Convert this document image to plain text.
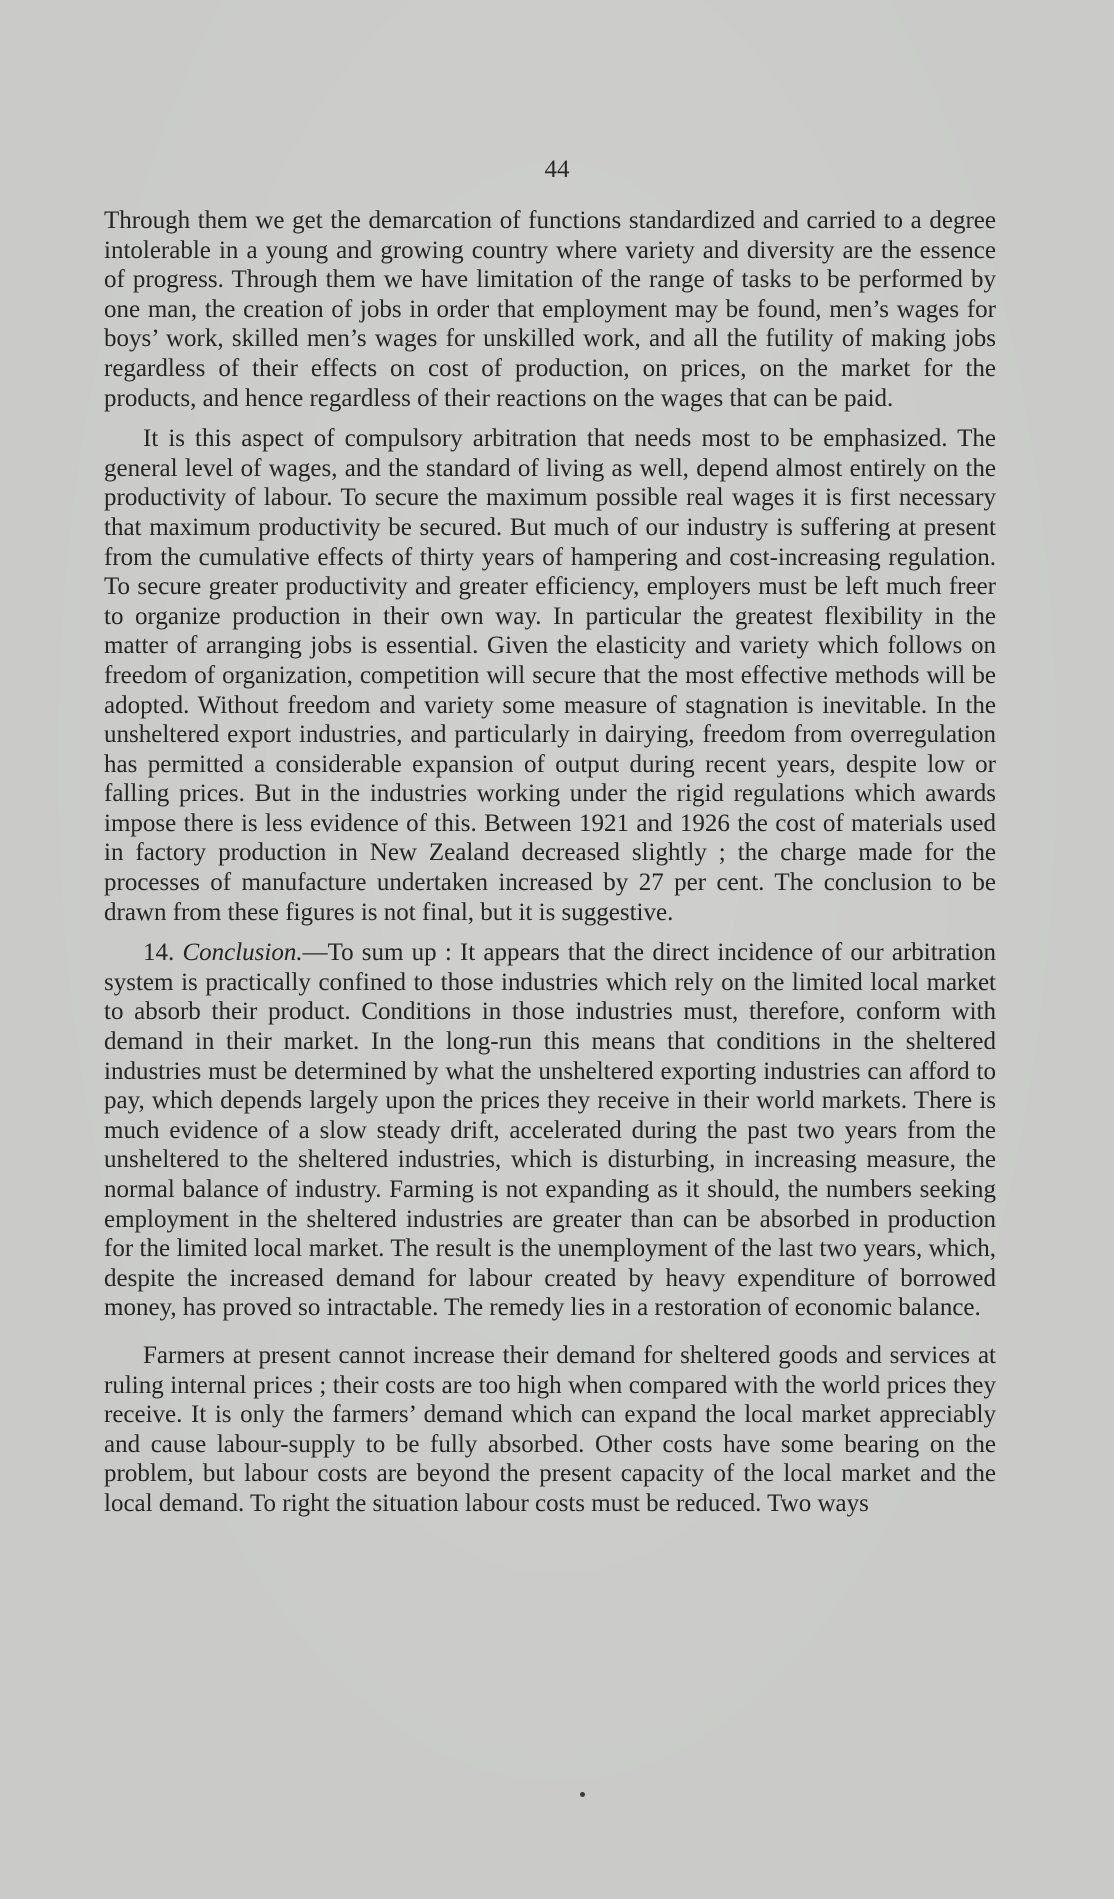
44

Through them we get the demarcation of functions standardized and carried to a degree intolerable in a young and growing country where variety and diversity are the essence of progress. Through them we have limitation of the range of tasks to be performed by one man, the creation of jobs in order that employment may be found, men’s wages for boys’ work, skilled men’s wages for unskilled work, and all the futility of making jobs regardless of their effects on cost of production, on prices, on the market for the products, and hence regardless of their reactions on the wages that can be paid.

It is this aspect of compulsory arbitration that needs most to be emphasized. The general level of wages, and the standard of living as well, depend almost entirely on the productivity of labour. To secure the maximum possible real wages it is first necessary that maximum productivity be secured. But much of our industry is suffering at present from the cumulative effects of thirty years of hampering and cost-increasing regulation. To secure greater productivity and greater efficiency, employers must be left much freer to organize production in their own way. In particular the greatest flexibility in the matter of arranging jobs is essential. Given the elasticity and variety which follows on freedom of organization, competition will secure that the most effective methods will be adopted. Without freedom and variety some measure of stagnation is inevitable. In the unsheltered export industries, and particularly in dairying, freedom from overregulation has permitted a considerable expansion of output during recent years, despite low or falling prices. But in the industries working under the rigid regulations which awards impose there is less evidence of this. Between 1921 and 1926 the cost of materials used in factory production in New Zealand decreased slightly ; the charge made for the processes of manufacture undertaken increased by 27 per cent. The conclusion to be drawn from these figures is not final, but it is suggestive.

14. Conclusion.—To sum up : It appears that the direct incidence of our arbitration system is practically confined to those industries which rely on the limited local market to absorb their product. Conditions in those industries must, therefore, conform with demand in their market. In the long-run this means that conditions in the sheltered industries must be determined by what the unsheltered exporting industries can afford to pay, which depends largely upon the prices they receive in their world markets. There is much evidence of a slow steady drift, accelerated during the past two years from the unsheltered to the sheltered industries, which is disturbing, in increasing measure, the normal balance of industry. Farming is not expanding as it should, the numbers seeking employment in the sheltered industries are greater than can be absorbed in production for the limited local market. The result is the unemployment of the last two years, which, despite the increased demand for labour created by heavy expenditure of borrowed money, has proved so intractable. The remedy lies in a restoration of economic balance.

Farmers at present cannot increase their demand for sheltered goods and services at ruling internal prices ; their costs are too high when compared with the world prices they receive. It is only the farmers’ demand which can expand the local market appreciably and cause labour-supply to be fully absorbed. Other costs have some bearing on the problem, but labour costs are beyond the present capacity of the local market and the local demand. To right the situation labour costs must be reduced. Two ways
